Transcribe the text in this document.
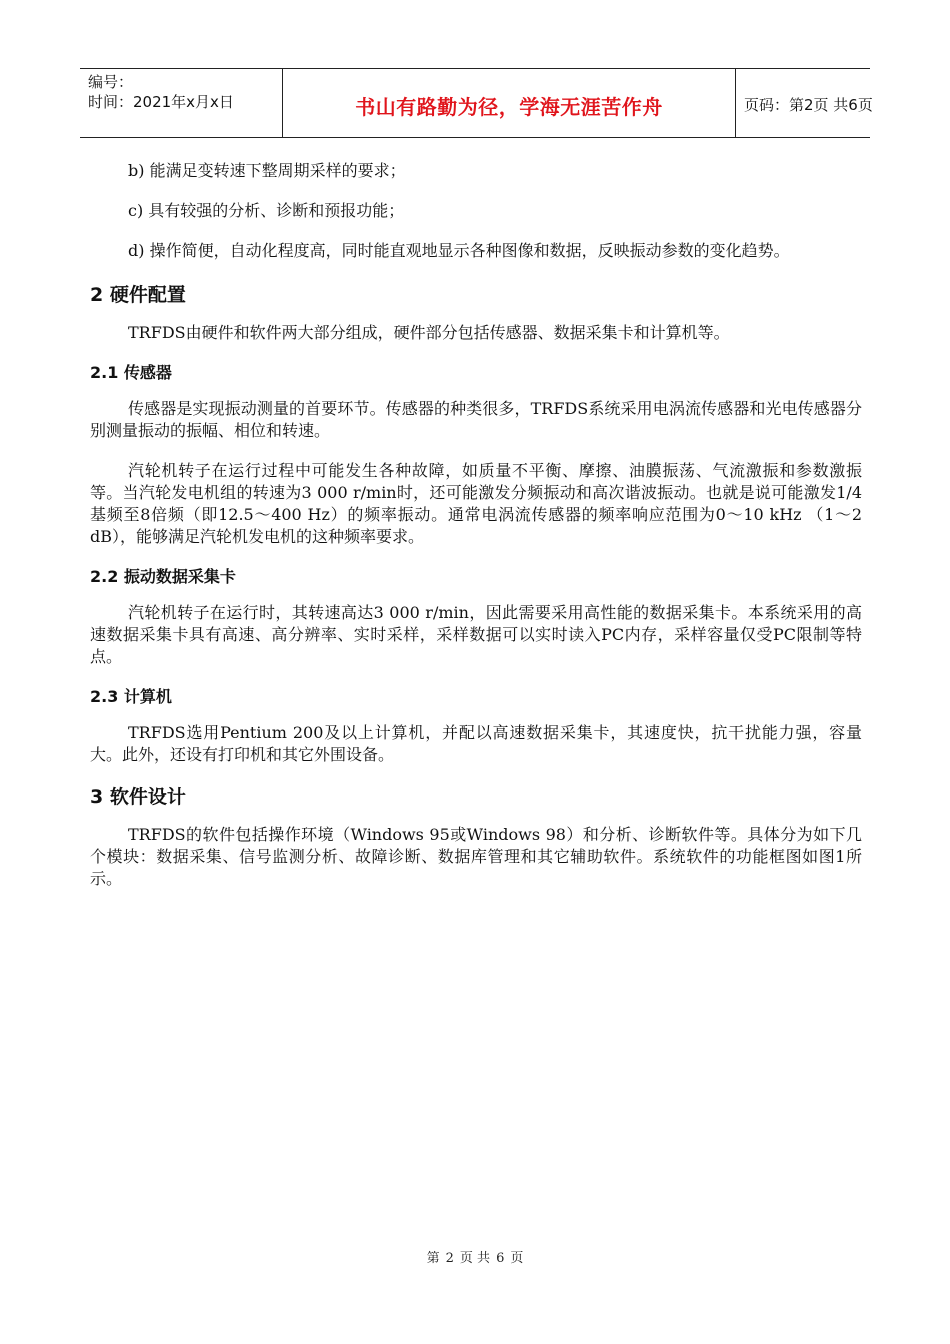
编号：
时间：2021年x月x日	书山有路勤为径，学海无涯苦作舟	页码：第2页 共6页

b) 能满足变转速下整周期采样的要求；

c) 具有较强的分析、诊断和预报功能；

d) 操作简便，自动化程度高，同时能直观地显示各种图像和数据，反映振动参数的变化趋势。

2 硬件配置

TRFDS由硬件和软件两大部分组成，硬件部分包括传感器、数据采集卡和计算机等。

2.1 传感器

传感器是实现振动测量的首要环节。传感器的种类很多，TRFDS系统采用电涡流传感器和光电传感器分别测量振动的振幅、相位和转速。

汽轮机转子在运行过程中可能发生各种故障，如质量不平衡、摩擦、油膜振荡、气流激振和参数激振等。当汽轮发电机组的转速为3 000 r/min时，还可能激发分频振动和高次谐波振动。也就是说可能激发1/4基频至8倍频（即12.5～400 Hz）的频率振动。通常电涡流传感器的频率响应范围为0～10 kHz （1～2 dB），能够满足汽轮机发电机的这种频率要求。

2.2 振动数据采集卡

汽轮机转子在运行时，其转速高达3 000 r/min，因此需要采用高性能的数据采集卡。本系统采用的高速数据采集卡具有高速、高分辨率、实时采样，采样数据可以实时读入PC内存，采样容量仅受PC限制等特点。

2.3 计算机

TRFDS选用Pentium 200及以上计算机，并配以高速数据采集卡，其速度快，抗干扰能力强，容量大。此外，还设有打印机和其它外围设备。

3 软件设计

TRFDS的软件包括操作环境（Windows 95或Windows 98）和分析、诊断软件等。具体分为如下几个模块：数据采集、信号监测分析、故障诊断、数据库管理和其它辅助软件。系统软件的功能框图如图1所示。

第 2 页 共 6 页
